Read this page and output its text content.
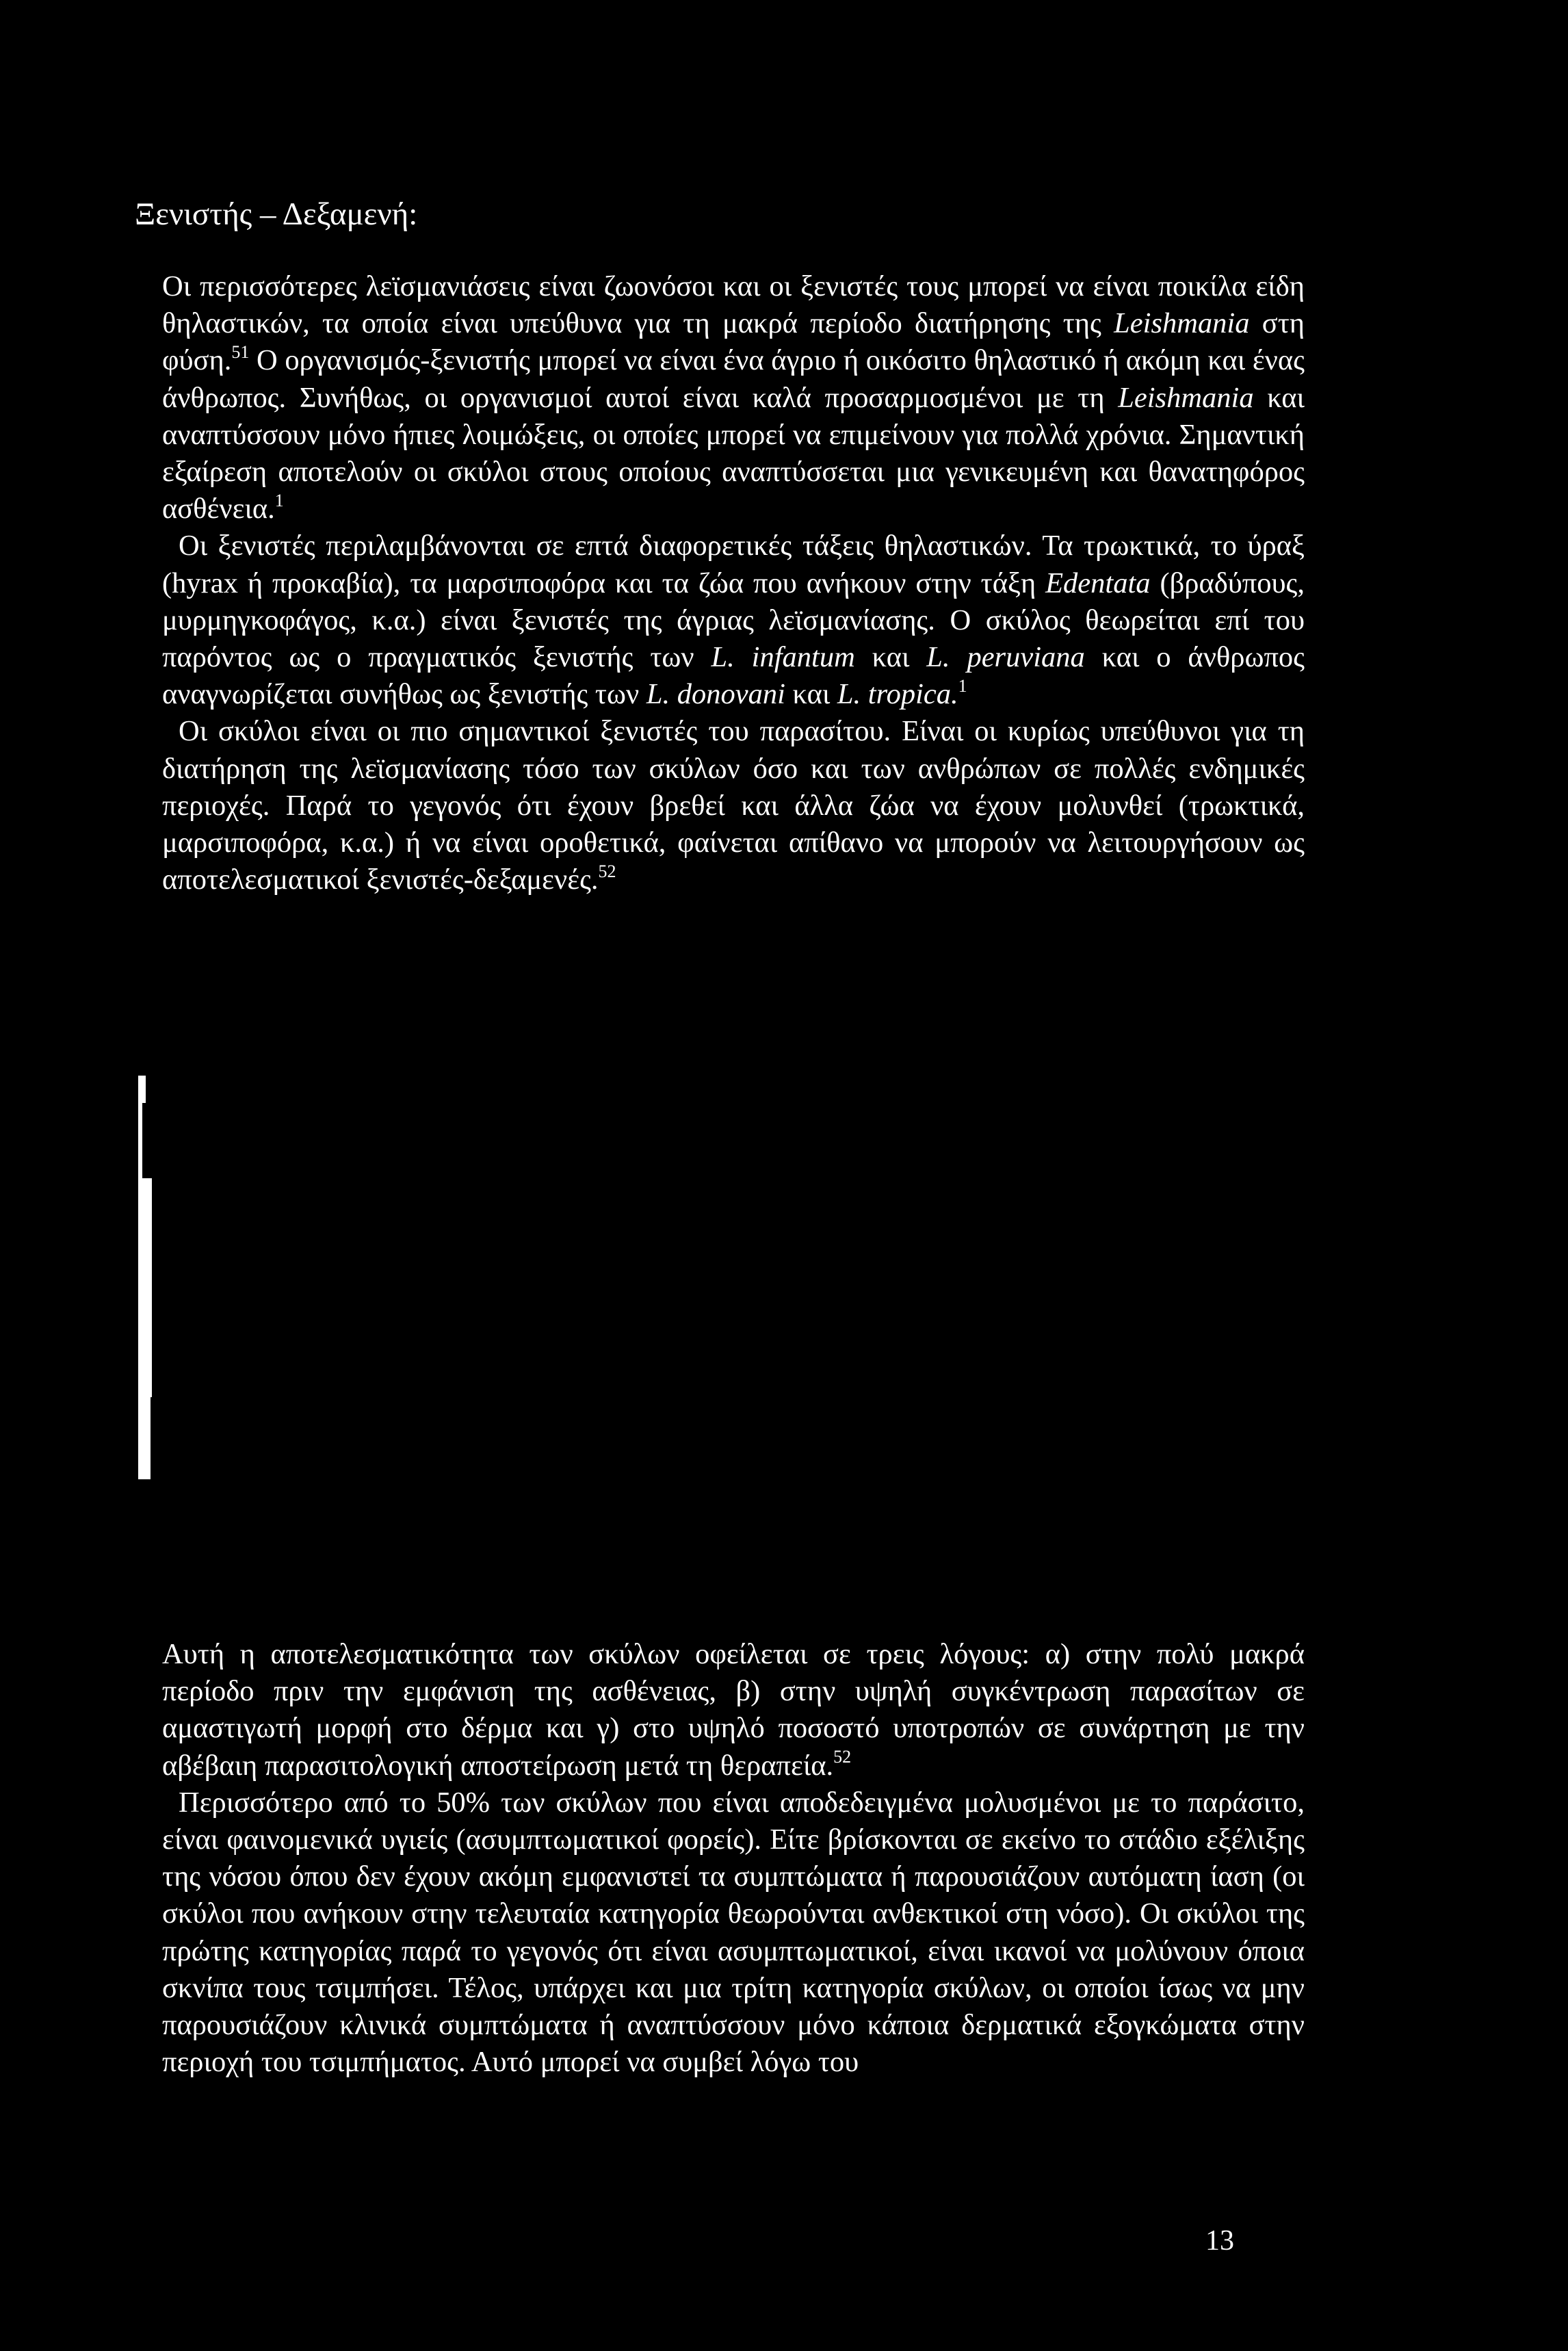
Ξενιστής – Δεξαμενή:

Οι περισσότερες λεϊσμανιάσεις είναι ζωονόσοι και οι ξενιστές τους μπορεί να είναι ποικίλα είδη θηλαστικών, τα οποία είναι υπεύθυνα για τη μακρά περίοδο διατήρησης της Leishmania στη φύση.$^{51}$ Ο οργανισμός-ξενιστής μπορεί να είναι ένα άγριο ή οικόσιτο θηλαστικό ή ακόμη και ένας άνθρωπος. Συνήθως, οι οργανισμοί αυτοί είναι καλά προσαρμοσμένοι με τη Leishmania και αναπτύσσουν μόνο ήπιες λοιμώξεις, οι οποίες μπορεί να επιμείνουν για πολλά χρόνια. Σημαντική εξαίρεση αποτελούν οι σκύλοι στους οποίους αναπτύσσεται μια γενικευμένη και θανατηφόρος ασθένεια.$^1$

Οι ξενιστές περιλαμβάνονται σε επτά διαφορετικές τάξεις θηλαστικών. Τα τρωκτικά, το ύραξ (hyrax ή προκαβία), τα μαρσιποφόρα και τα ζώα που ανήκουν στην τάξη Edentata (βραδύπους, μυρμηγκοφάγος, κ.α.) είναι ξενιστές της άγριας λεϊσμανίασης. Ο σκύλος θεωρείται επί του παρόντος ως ο πραγματικός ξενιστής των L. infantum και L. peruviana και ο άνθρωπος αναγνωρίζεται συνήθως ως ξενιστής των L. donovani και L. tropica.$^1$

Οι σκύλοι είναι οι πιο σημαντικοί ξενιστές του παρασίτου. Είναι οι κυρίως υπεύθυνοι για τη διατήρηση της λεϊσμανίασης τόσο των σκύλων όσο και των ανθρώπων σε πολλές ενδημικές περιοχές. Παρά το γεγονός ότι έχουν βρεθεί και άλλα ζώα να έχουν μολυνθεί (τρωκτικά, μαρσιποφόρα, κ.α.) ή να είναι οροθετικά, φαίνεται απίθανο να μπορούν να λειτουργήσουν ως αποτελεσματικοί ξενιστές-δεξαμενές.$^{52}$

Αυτή η αποτελεσματικότητα των σκύλων οφείλεται σε τρεις λόγους: α) στην πολύ μακρά περίοδο πριν την εμφάνιση της ασθένειας, β) στην υψηλή συγκέντρωση παρασίτων σε αμαστιγωτή μορφή στο δέρμα και γ) στο υψηλό ποσοστό υποτροπών σε συνάρτηση με την αβέβαιη παρασιτολογική αποστείρωση μετά τη θεραπεία.$^{52}$

Περισσότερο από το 50% των σκύλων που είναι αποδεδειγμένα μολυσμένοι με το παράσιτο, είναι φαινομενικά υγιείς (ασυμπτωματικοί φορείς). Είτε βρίσκονται σε εκείνο το στάδιο εξέλιξης της νόσου όπου δεν έχουν ακόμη εμφανιστεί τα συμπτώματα ή παρουσιάζουν αυτόματη ίαση (οι σκύλοι που ανήκουν στην τελευταία κατηγορία θεωρούνται ανθεκτικοί στη νόσο). Οι σκύλοι της πρώτης κατηγορίας παρά το γεγονός ότι είναι ασυμπτωματικοί, είναι ικανοί να μολύνουν όποια σκνίπα τους τσιμπήσει. Τέλος, υπάρχει και μια τρίτη κατηγορία σκύλων, οι οποίοι ίσως να μην παρουσιάζουν κλινικά συμπτώματα ή αναπτύσσουν μόνο κάποια δερματικά εξογκώματα στην περιοχή του τσιμπήματος. Αυτό μπορεί να συμβεί λόγω του

13
